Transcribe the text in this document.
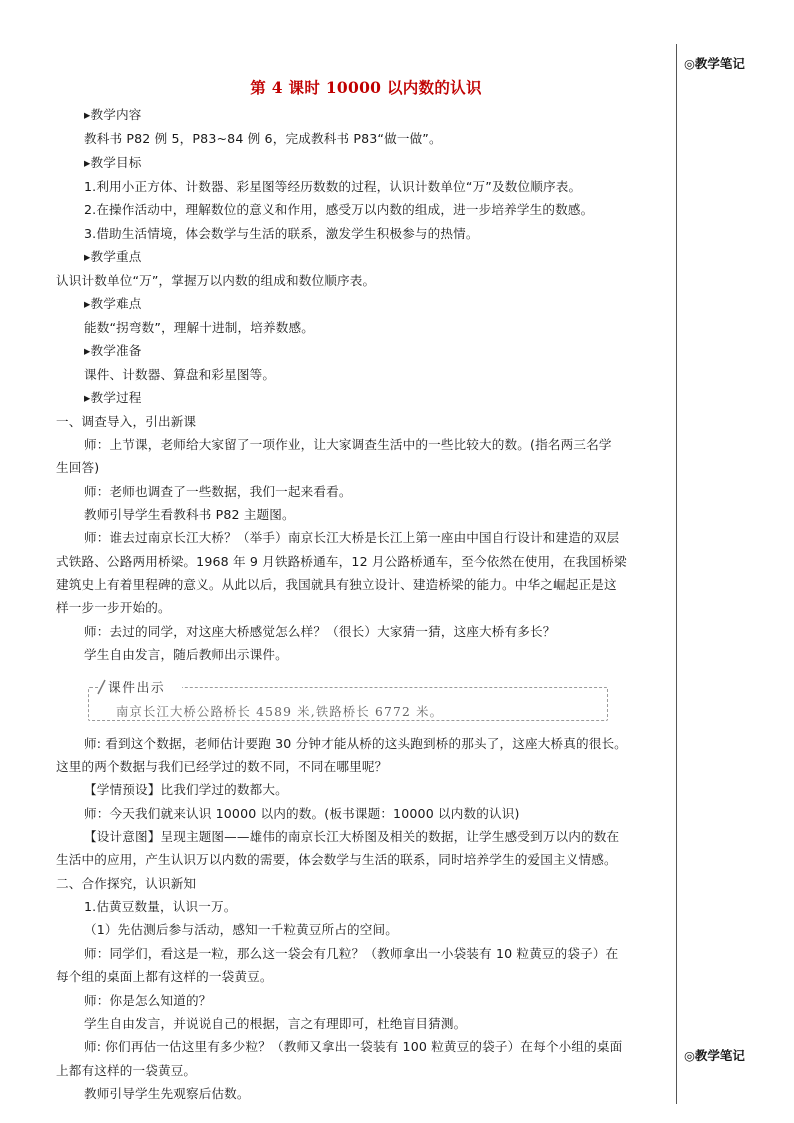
◎教学笔记
◎教学笔记
第 4 课时 10000 以内数的认识
▸教学内容
教科书 P82 例 5，P83~84 例 6，完成教科书 P83“做一做”。
▸教学目标
1.利用小正方体、计数器、彩星图等经历数数的过程，认识计数单位“万”及数位顺序表。
2.在操作活动中，理解数位的意义和作用，感受万以内数的组成，进一步培养学生的数感。
3.借助生活情境，体会数学与生活的联系，激发学生积极参与的热情。
▸教学重点
认识计数单位“万”，掌握万以内数的组成和数位顺序表。
▸教学难点
能数“拐弯数”，理解十进制，培养数感。
▸教学准备
课件、计数器、算盘和彩星图等。
▸教学过程
一、调查导入，引出新课
师：上节课，老师给大家留了一项作业，让大家调查生活中的一些比较大的数。(指名两三名学
生回答)
师：老师也调查了一些数据，我们一起来看看。
教师引导学生看教科书 P82 主题图。
师：谁去过南京长江大桥？（举手）南京长江大桥是长江上第一座由中国自行设计和建造的双层
式铁路、公路两用桥梁。1968 年 9 月铁路桥通车，12 月公路桥通车，至今依然在使用，在我国桥梁
建筑史上有着里程碑的意义。从此以后，我国就具有独立设计、建造桥梁的能力。中华之崛起正是这
样一步一步开始的。
师：去过的同学，对这座大桥感觉怎么样？（很长）大家猜一猜，这座大桥有多长？
学生自由发言，随后教师出示课件。
课件出示
南京长江大桥公路桥长 4589 米,铁路桥长 6772 米。
师: 看到这个数据，老师估计要跑 30 分钟才能从桥的这头跑到桥的那头了，这座大桥真的很长。
这里的两个数据与我们已经学过的数不同，不同在哪里呢？
【学情预设】比我们学过的数都大。
师：今天我们就来认识 10000 以内的数。(板书课题：10000 以内数的认识)
【设计意图】呈现主题图——雄伟的南京长江大桥图及相关的数据，让学生感受到万以内的数在
生活中的应用，产生认识万以内数的需要，体会数学与生活的联系，同时培养学生的爱国主义情感。
二、合作探究，认识新知
1.估黄豆数量，认识一万。
（1）先估测后参与活动，感知一千粒黄豆所占的空间。
师：同学们，看这是一粒，那么这一袋会有几粒？（教师拿出一小袋装有 10 粒黄豆的袋子）在
每个组的桌面上都有这样的一袋黄豆。
师：你是怎么知道的？
学生自由发言，并说说自己的根据，言之有理即可，杜绝盲目猜测。
师: 你们再估一估这里有多少粒？（教师又拿出一袋装有 100 粒黄豆的袋子）在每个小组的桌面
上都有这样的一袋黄豆。
教师引导学生先观察后估数。
